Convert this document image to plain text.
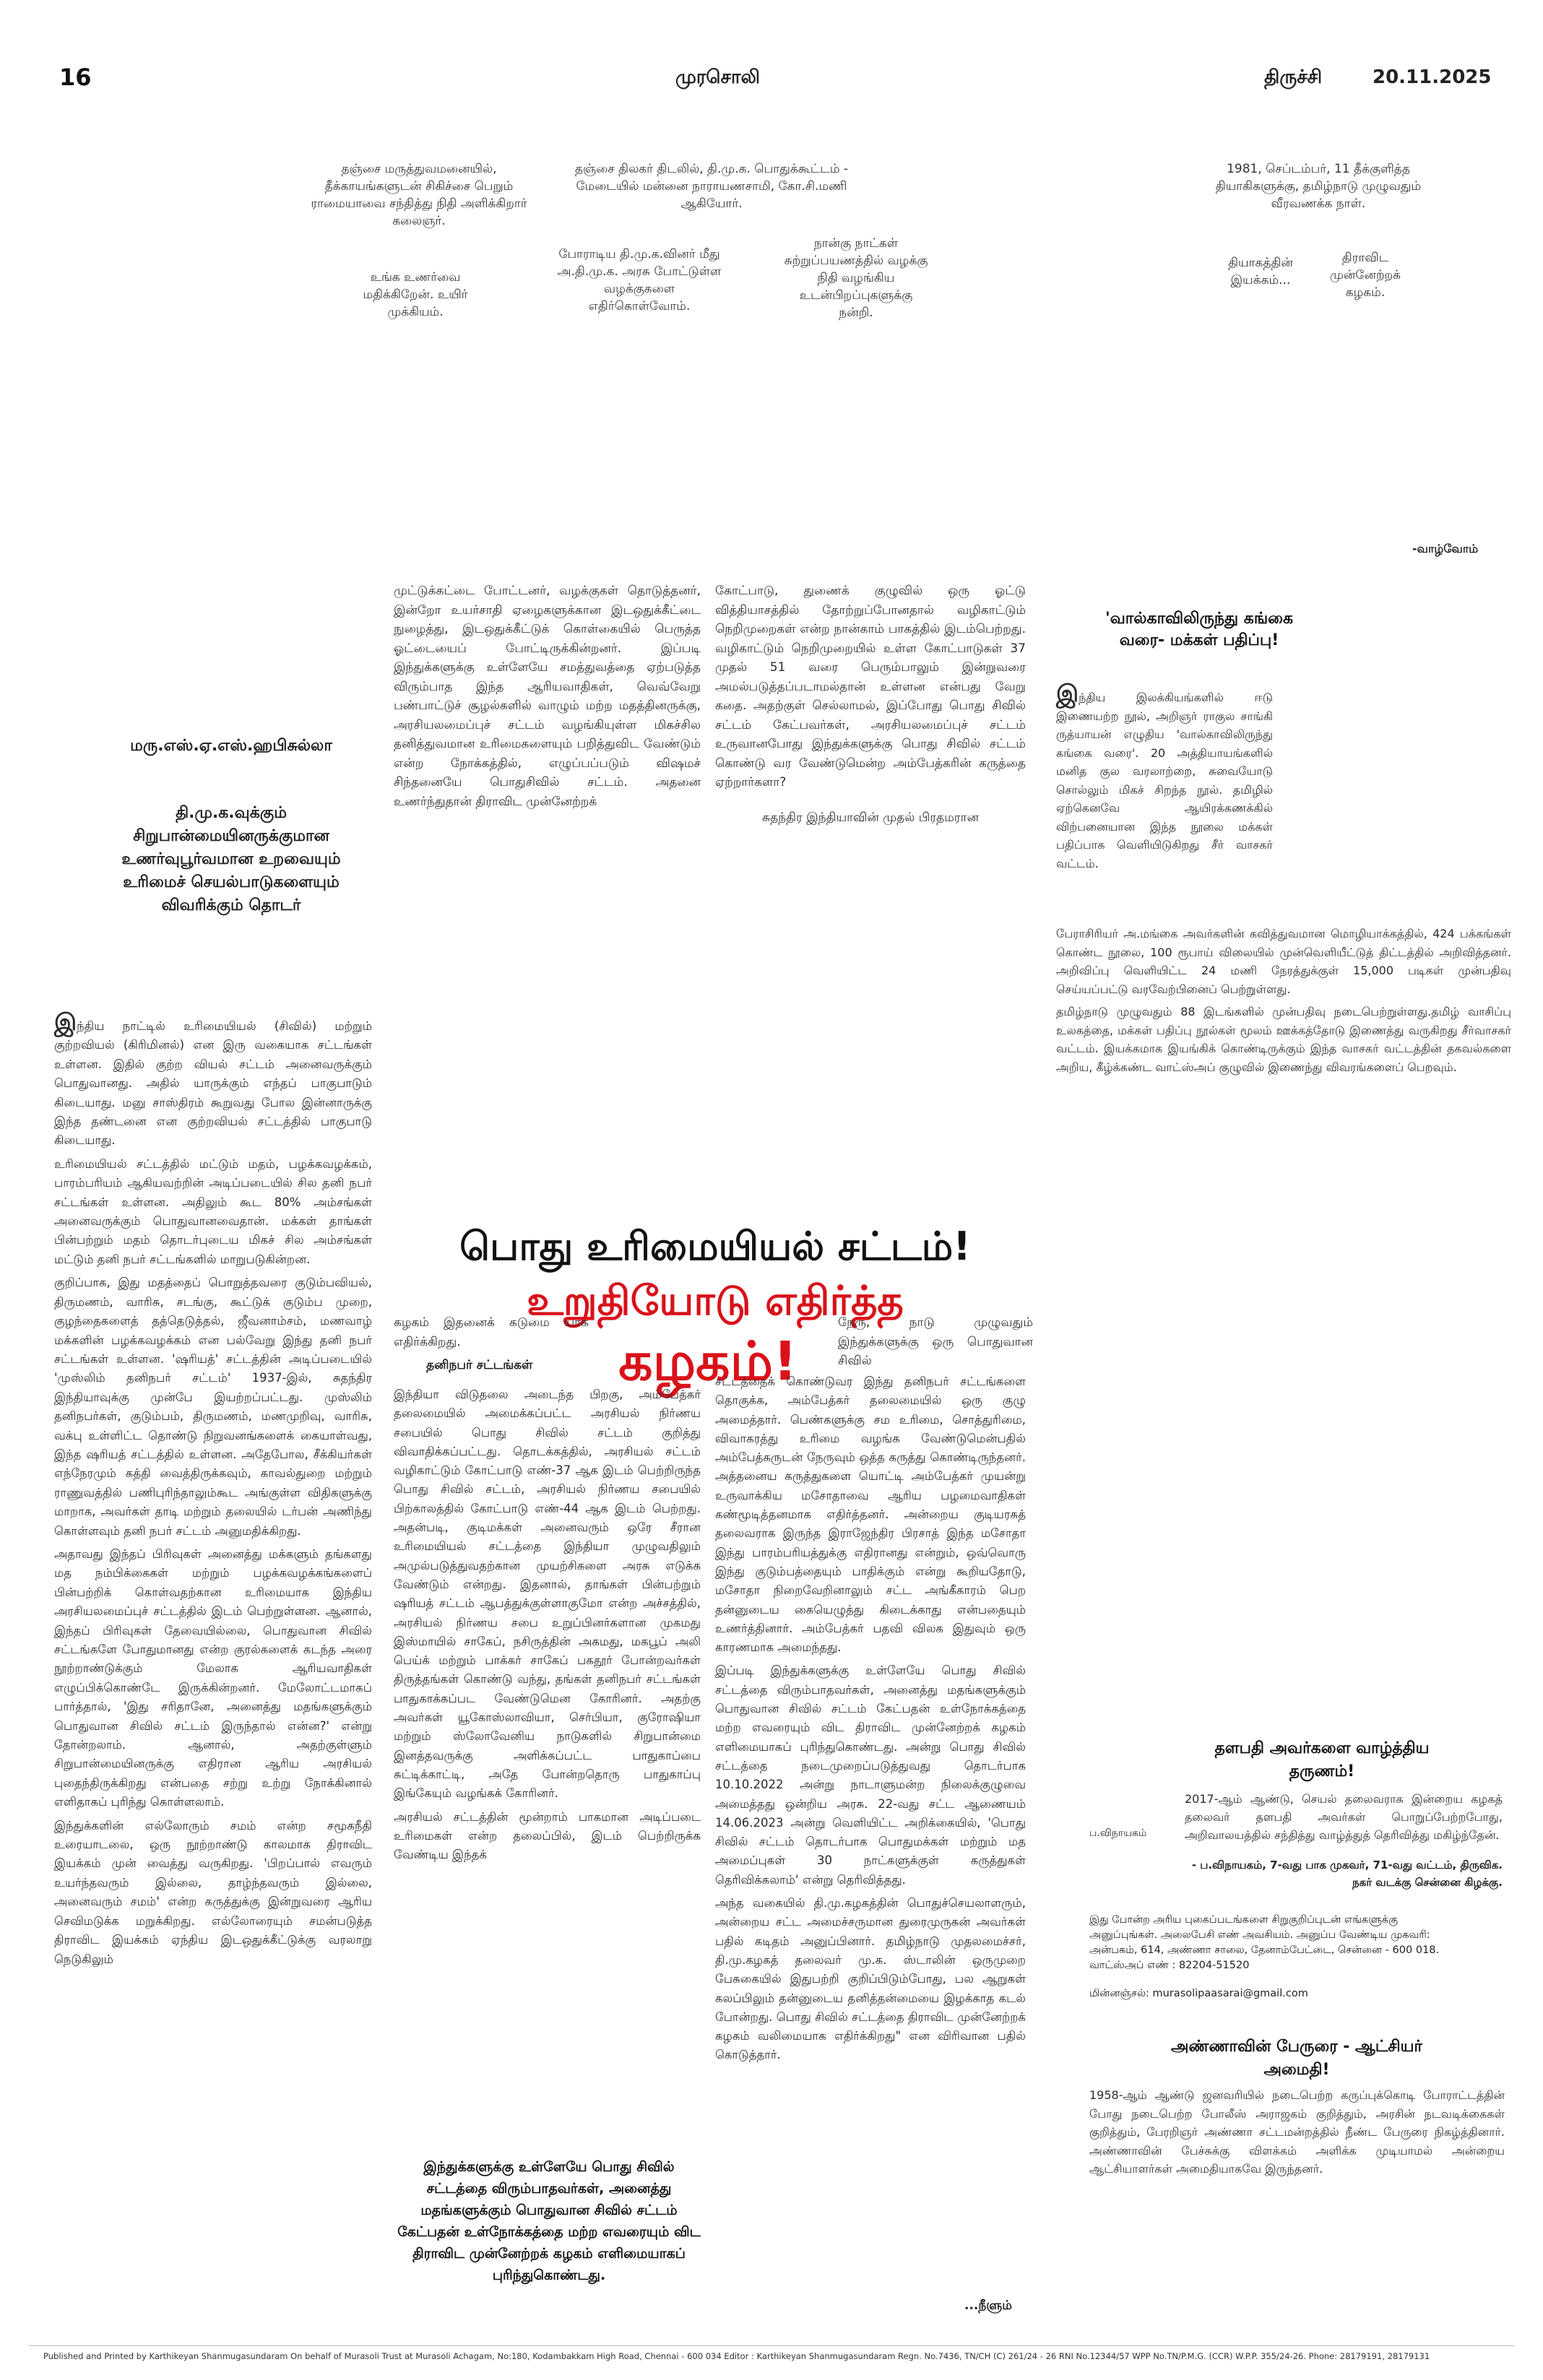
16	முரசொலி	திருச்சி	20.11.2025
தஞ்சை மருத்துவமனையில், தீக்காயங்களுடன் சிகிச்சை பெறும் ராமையாவை சந்தித்து நிதி அளிக்கிறார் கலைஞர்.
தஞ்சை திலகர் திடலில், தி.மு.க. பொதுக்கூட்டம் - மேடையில் மன்னை நாராயணசாமி, கோ.சி.மணி ஆகியோர்.
1981, செப்டம்பர், 11 தீக்குளித்த தியாகிகளுக்கு, தமிழ்நாடு முழுவதும் வீரவணக்க நாள்.
உங்க உணர்வை மதிக்கிறேன். உயிர் முக்கியம்.
போராடிய தி.மு.க.வினர் மீது அ.தி.மு.க. அரசு போட்டுள்ள வழக்குகளை எதிர்கொள்வோம்.
நான்கு நாட்கள் சுற்றுப்பயணத்தில் வழக்கு நிதி வழங்கிய உடன்பிறப்புகளுக்கு நன்றி.
தியாகத்தின் இயக்கம்...
திராவிட முன்னேற்றக் கழகம்.
-வாழ்வோம்
மரு.எஸ்.ஏ.எஸ்.ஹபிசுல்லா
தி.மு.க.வுக்கும்
சிறுபான்மையினருக்குமான
உணர்வுபூர்வமான உறவையும்
உரிமைச் செயல்பாடுகளையும்
விவரிக்கும் தொடர்

இந்திய நாட்டில் உரிமையியல் (சிவில்) மற்றும் குற்றவியல் (கிரிமினல்) என இரு வகையாக சட்டங்கள் உள்ளன. இதில் குற்ற வியல் சட்டம் அனைவருக்கும் பொதுவானது. அதில் யாருக்கும் எந்தப் பாகுபாடும் கிடையாது. மனு சாஸ்திரம் கூறுவது போல இன்னாருக்கு இந்த தண்டனை என குற்றவியல் சட்டத்தில் பாகுபாடு கிடையாது.

உரிமையியல் சட்டத்தில் மட்டும் மதம், பழக்கவழக்கம், பாரம்பரியம் ஆகியவற்றின் அடிப்படையில் சில தனி நபர் சட்டங்கள் உள்ளன. அதிலும் கூட 80% அம்சங்கள் அனைவருக்கும் பொதுவானவைதான். மக்கள் தாங்கள் பின்பற்றும் மதம் தொடர்புடைய மிகச் சில அம்சங்கள் மட்டும் தனி நபர் சட்டங்களில் மாறுபடுகின்றன.

குறிப்பாக, இது மதத்தைப் பொறுத்தவரை குடும்பவியல், திருமணம், வாரிசு, சடங்கு, கூட்டுக் குடும்ப முறை, குழந்தைகளைத் தத்தெடுத்தல், ஜீவனாம்சம், மணவாழ் மக்களின் பழக்கவழக்கம் என பல்வேறு இந்து தனி நபர் சட்டங்கள் உள்ளன. 'ஷரியத்' சட்டத்தின் அடிப்படையில் 'முஸ்லிம் தனிநபர் சட்டம்' 1937-இல், சுதந்திர இந்தியாவுக்கு முன்பே இயற்றப்பட்டது. முஸ்லிம் தனிநபர்கள், குடும்பம், திருமணம், மணமுறிவு, வாரிசு, வக்பு உள்ளிட்ட தொண்டு நிறுவனங்களைக் கையாள்வது, இந்த ஷரியத் சட்டத்தில் உள்ளன. அதேபோல, சீக்கியர்கள் எந்நேரமும் கத்தி வைத்திருக்கவும், காவல்துறை மற்றும் ராணுவத்தில் பணிபுரிந்தாலும்கூட அங்குள்ள விதிகளுக்கு மாறாக, அவர்கள் தாடி மற்றும் தலையில் டர்பன் அணிந்து கொள்ளவும் தனி நபர் சட்டம் அனுமதிக்கிறது.

அதாவது இந்தப் பிரிவுகள் அனைத்து மக்களும் தங்களது மத நம்பிக்கைகள் மற்றும் பழக்கவழக்கங்களைப் பின்பற்றிக் கொள்வதற்கான உரிமையாக இந்திய அரசியலமைப்புச் சட்டத்தில் இடம் பெற்றுள்ளன. ஆனால், இந்தப் பிரிவுகள் தேவையில்லை, பொதுவான சிவில் சட்டங்களே போதுமானது என்ற குரல்களைக் கடந்த அரை நூற்றாண்டுக்கும் மேலாக ஆரியவாதிகள் எழுப்பிக்கொண்டே இருக்கின்றனர். மேலோட்டமாகப் பார்த்தால், 'இது சரிதானே, அனைத்து மதங்களுக்கும் பொதுவான சிவில் சட்டம் இருந்தால் என்ன?' என்று தோன்றலாம். ஆனால், அதற்குள்ளும் சிறுபான்மையினருக்கு எதிரான ஆரிய அரசியல் புதைந்திருக்கிறது என்பதை சற்று உற்று நோக்கினால் எளிதாகப் புரிந்து கொள்ளலாம்.

இந்துக்களின் எல்லோரும் சமம் என்ற சமூகநீதி உரையாடலை, ஒரு நூற்றாண்டு காலமாக திராவிட இயக்கம் முன் வைத்து வருகிறது. 'பிறப்பால் எவரும் உயர்ந்தவரும் இல்லை, தாழ்ந்தவரும் இல்லை, அனைவரும் சமம்' என்ற கருத்துக்கு இன்றுவரை ஆரிய செவிமடுக்க மறுக்கிறது. எல்லோரையும் சமன்படுத்த திராவிட இயக்கம் ஏந்திய இடஒதுக்கீட்டுக்கு வரலாறு நெடுகிலும்

முட்டுக்கட்டை போட்டனர், வழக்குகள் தொடுத்தனர், இன்றோ உயர்சாதி ஏழைகளுக்கான இடஒதுக்கீட்டை நுழைத்து, இடஒதுக்கீட்டுக் கொள்கையில் பெருத்த ஓட்டையைப் போட்டிருக்கின்றனர். இப்படி இந்துக்களுக்கு உள்ளேயே சமத்துவத்தை ஏற்படுத்த விரும்பாத இந்த ஆரியவாதிகள், வெவ்வேறு பண்பாட்டுச் சூழல்களில் வாழும் மற்ற மதத்தினருக்கு, அரசியலமைப்புச் சட்டம் வழங்கியுள்ள மிகச்சில தனித்துவமான உரிமைகளையும் பறித்துவிட வேண்டும் என்ற நோக்கத்தில், எழுப்பப்படும் விஷமச் சிந்தனையே பொதுசிவில் சட்டம். அதனை உணர்ந்துதான் திராவிட முன்னேற்றக்

கோட்பாடு, துணைக் குழுவில் ஒரு ஓட்டு வித்தியாசத்தில் தோற்றுப்போனதால் வழிகாட்டும் நெறிமுறைகள் என்ற நான்காம் பாகத்தில் இடம்பெற்றது. வழிகாட்டும் நெறிமுறையில் உள்ள கோட்பாடுகள் 37 முதல் 51 வரை பெரும்பாலும் இன்றுவரை அமல்படுத்தப்படாமல்தான் உள்ளன என்பது வேறு கதை. அதற்குள் செல்லாமல், இப்போது பொது சிவில் சட்டம் கேட்பவர்கள், அரசியலமைப்புச் சட்டம் உருவானபோது இந்துக்களுக்கு பொது சிவில் சட்டம் கொண்டு வர வேண்டுமென்ற அம்பேத்கரின் கருத்தை ஏற்றார்களா?

சுதந்திர இந்தியாவின் முதல் பிரதமரான

பொது உரிமையியல் சட்டம்!
உறுதியோடு எதிர்த்த
கழகம்!
கழகம் இதனைக் கடுமை யாக எதிர்க்கிறது.
தனிநபர் சட்டங்கள்

இந்தியா விடுதலை அடைந்த பிறகு, அம்பேத்கர் தலைமையில் அமைக்கப்பட்ட அரசியல் நிர்ணய சபையில் பொது சிவில் சட்டம் குறித்து விவாதிக்கப்பட்டது. தொடக்கத்தில், அரசியல் சட்டம் வழிகாட்டும் கோட்பாடு எண்-37 ஆக இடம் பெற்றிருந்த பொது சிவில் சட்டம், அரசியல் நிர்ணய சபையில் பிற்காலத்தில் கோட்பாடு எண்-44 ஆக இடம் பெற்றது. அதன்படி, குடிமக்கள் அனைவரும் ஒரே சீரான உரிமையியல் சட்டத்தை இந்தியா முழுவதிலும் அமுல்படுத்துவதற்கான முயற்சிகளை அரசு எடுக்க வேண்டும் என்றது. இதனால், தாங்கள் பின்பற்றும் ஷரியத் சட்டம் ஆபத்துக்குள்ளாகுமோ என்ற அச்சத்தில், அரசியல் நிர்ணய சபை உறுப்பினர்களான முகமது இஸ்மாயில் சாகேப், நசிருத்தின் அகமது, மகபூப் அலி பெய்க் மற்றும் பாக்கர் சாகேப் பகதூர் போன்றவர்கள் திருத்தங்கள் கொண்டு வந்து, தங்கள் தனிநபர் சட்டங்கள் பாதுகாக்கப்பட வேண்டுமென கோரினர். அதற்கு அவர்கள் யூகோஸ்லாவியா, செர்பியா, குரோஷியா மற்றும் ஸ்லோவேனிய நாடுகளில் சிறுபான்மை இனத்தவருக்கு அளிக்கப்பட்ட பாதுகாப்பை சுட்டிக்காட்டி, அதே போன்றதொரு பாதுகாப்பு இங்கேயும் வழங்கக் கோரினர்.

அரசியல் சட்டத்தின் மூன்றாம் பாகமான அடிப்படை உரிமைகள் என்ற தலைப்பில், இடம் பெற்றிருக்க வேண்டிய இந்தக்

இந்துக்களுக்கு உள்ளேயே பொது சிவில் சட்டத்தை விரும்பாதவர்கள், அனைத்து மதங்களுக்கும் பொதுவான சிவில் சட்டம் கேட்பதன் உள்நோக்கத்தை மற்ற எவரையும் விட திராவிட முன்னேற்றக் கழகம் எளிமையாகப் புரிந்துகொண்டது.
நேரு, நாடு முழுவதும் இந்துக்களுக்கு ஒரு பொதுவான சிவில்

சட்டத்தைக் கொண்டுவர இந்து தனிநபர் சட்டங்களை தொகுக்க, அம்பேத்கர் தலைமையில் ஒரு குழு அமைத்தார். பெண்களுக்கு சம உரிமை, சொத்துரிமை, விவாகரத்து உரிமை வழங்க வேண்டுமென்பதில் அம்பேத்கருடன் நேருவும் ஒத்த கருத்து கொண்டிருந்தனர். அத்தனைய கருத்துகளை யொட்டி அம்பேத்கர் முயன்று உருவாக்கிய மசோதாவை ஆரிய பழமைவாதிகள் கண்மூடித்தனமாக எதிர்த்தனர். அன்றைய குடியரசுத் தலைவராக இருந்த இராஜேந்திர பிரசாத் இந்த மசோதா இந்து பாரம்பரியத்துக்கு எதிரானது என்றும், ஒவ்வொரு இந்து குடும்பத்தையும் பாதிக்கும் என்று கூறியதோடு, மசோதா நிறைவேறினாலும் சட்ட அங்கீகாரம் பெற தன்னுடைய கையெழுத்து கிடைக்காது என்பதையும் உணர்த்தினார். அம்பேத்கர் பதவி விலக இதுவும் ஒரு காரணமாக அமைந்தது.

இப்படி இந்துக்களுக்கு உள்ளேயே பொது சிவில் சட்டத்தை விரும்பாதவர்கள், அனைத்து மதங்களுக்கும் பொதுவான சிவில் சட்டம் கேட்பதன் உள்நோக்கத்தை மற்ற எவரையும் விட திராவிட முன்னேற்றக் கழகம் எளிமையாகப் புரிந்துகொண்டது. அன்று பொது சிவில் சட்டத்தை நடைமுறைப்படுத்துவது தொடர்பாக 10.10.2022 அன்று நாடாளுமன்ற நிலைக்குழுவை அமைத்தது ஒன்றிய அரசு. 22-வது சட்ட ஆணையம் 14.06.2023 அன்று வெளியிட்ட அறிக்கையில், 'பொது சிவில் சட்டம் தொடர்பாக பொதுமக்கள் மற்றும் மத அமைப்புகள் 30 நாட்களுக்குள் கருத்துகள் தெரிவிக்கலாம்' என்று தெரிவித்தது.

அந்த வகையில் தி.மு.கழகத்தின் பொதுச்செயலாளரும், அன்றைய சட்ட அமைச்சருமான துரைமுருகன் அவர்கள் பதில் கடிதம் அனுப்பினார். தமிழ்நாடு முதலமைச்சர், தி.மு.கழகத் தலைவர் மு.க. ஸ்டாலின் ஒருமுறை பேசுகையில் இதுபற்றி குறிப்பிடும்போது, பல ஆறுகள் கலப்பிலும் தன்னுடைய தனித்தன்மையை இழக்காத கடல் போன்றது. பொது சிவில் சட்டத்தை திராவிட முன்னேற்றக் கழகம் வலிமையாக எதிர்க்கிறது" என விரிவான பதில் கொடுத்தார்.

...நீளும்
'வால்காவிலிருந்து கங்கை வரை- மக்கள் பதிப்பு!

இந்திய இலக்கியங்களில் ஈடு இணையற்ற நூல், அறிஞர் ராகுல சாங்கி ருத்யாயன் எழுதிய 'வால்காவிலிருந்து கங்கை வரை'. 20 அத்தியாயங்களில் மனித குல வரலாற்றை, சுவையோடு சொல்லும் மிகச் சிறந்த நூல். தமிழில் ஏற்கெனவே ஆயிரக்கணக்கில் விற்பனையான இந்த நூலை மக்கள் பதிப்பாக வெளியிடுகிறது சீர் வாசகர் வட்டம்.

பேராசிரியர் அ.மங்கை அவர்களின் கவித்துவமான மொழியாக்கத்தில், 424 பக்கங்கள் கொண்ட நூலை, 100 ரூபாய் விலையில் முன்வெளியீட்டுத் திட்டத்தில் அறிவித்தனர். அறிவிப்பு வெளியிட்ட 24 மணி நேரத்துக்குள் 15,000 படிகள் முன்பதிவு செய்யப்பட்டு வரவேற்பினைப் பெற்றுள்ளது.

தமிழ்நாடு முழுவதும் 88 இடங்களில் முன்பதிவு நடைபெற்றுள்ளது.தமிழ் வாசிப்பு உலகத்தை, மக்கள் பதிப்பு நூல்கள் மூலம் ஊக்கத்தோடு இணைத்து வருகிறது சீர்வாசகர் வட்டம். இயக்கமாக இயங்கிக் கொண்டிருக்கும் இந்த வாசகர் வட்டத்தின் தகவல்களை அறிய, கீழ்க்கண்ட வாட்ஸ்அப் குழுவில் இணைந்து விவரங்களைப் பெறவும்.

தளபதி அவர்களை வாழ்த்திய தருணம்!
2017-ஆம் ஆண்டு, செயல் தலைவராக இன்றைய கழகத் தலைவர் தளபதி அவர்கள் பொறுப்பேற்றபோது, அறிவாலயத்தில் சந்தித்து வாழ்த்துத் தெரிவித்து மகிழ்ந்தேன்.
ப.விநாயகம்
- ப.விநாயகம், 7-வது பாக முகவர், 71-வது வட்டம், திருவிக. நகர் வடக்கு சென்னை கிழக்கு.
இது போன்ற அரிய புகைப்படங்களை சிறுகுறிப்புடன் எங்களுக்கு அனுப்புங்கள். அலைபேசி எண் அவசியம். அனுப்ப வேண்டிய முகவரி: அன்பகம், 614, அண்ணா சாலை, தேனாம்பேட்டை, சென்னை - 600 018. வாட்ஸ்அப் எண் : 82204-51520
மின்னஞ்சல்: murasolipaasarai@gmail.com
அண்ணாவின் பேருரை - ஆட்சியர் அமைதி!
1958-ஆம் ஆண்டு ஜனவரியில் நடைபெற்ற கருப்புக்கொடி போராட்டத்தின் போது நடைபெற்ற போலீஸ் அராஜகம் குறித்தும், அரசின் நடவடிக்கைகள் குறித்தும், பேரறிஞர் அண்ணா சட்டமன்றத்தில் நீண்ட பேருரை நிகழ்த்தினார். அண்ணாவின் பேச்சுக்கு விளக்கம் அளிக்க முடியாமல் அன்றைய ஆட்சியாளர்கள் அமைதியாகவே இருந்தனர்.
Published and Printed by Karthikeyan Shanmugasundaram On behalf of Murasoli Trust at Murasoli Achagam, No:180, Kodambakkam High Road, Chennai - 600 034 Editor : Karthikeyan Shanmugasundaram Regn. No.7436, TN/CH (C) 261/24 - 26 RNI No.12344/57 WPP No.TN/P.M.G. (CCR) W.P.P. 355/24-26. Phone: 28179191, 28179131
